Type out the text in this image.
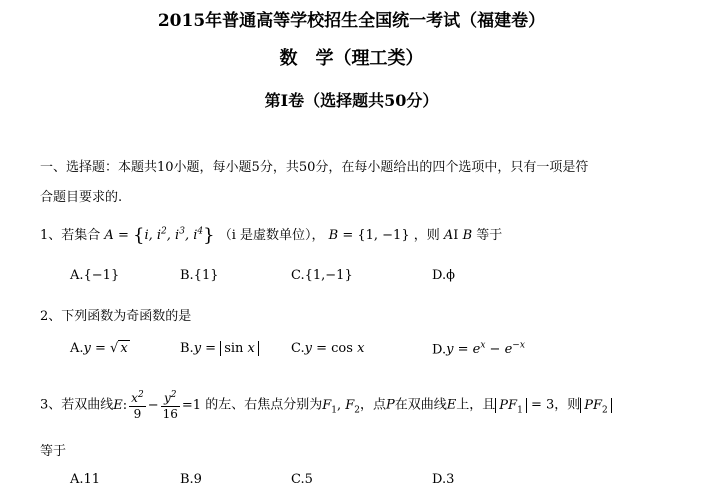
2015年普通高等学校招生全国统一考试（福建卷）
数　学（理工类）
第Ⅰ卷（选择题共50分）
一、选择题：本题共10小题，每小题5分，共50分，在每小题给出的四个选项中，只有一项是符
合题目要求的.
1、若集合 A = {i, $i^2$, $i^3$, $i^4$} （i 是虚数单位）， B = {1, −1} ，则 AI B 等于
A.{−1}	B.{1}	C.{1,−1}	D.ϕ
2、下列函数为奇函数的是
A.y = √ x	B.y = sin x	C.y = cos x	$D.y = e^x - e^{-x}$
3、若双曲线E: $\frac{x^2}{9} - \frac{y^2}{16} =1$ 的左、右焦点分别为$F_1$, $F_2$，点P在双曲线E上，且 $PF_1 = 3$，则 $PF_2$
等于
A.11	B.9	C.5	D.3
